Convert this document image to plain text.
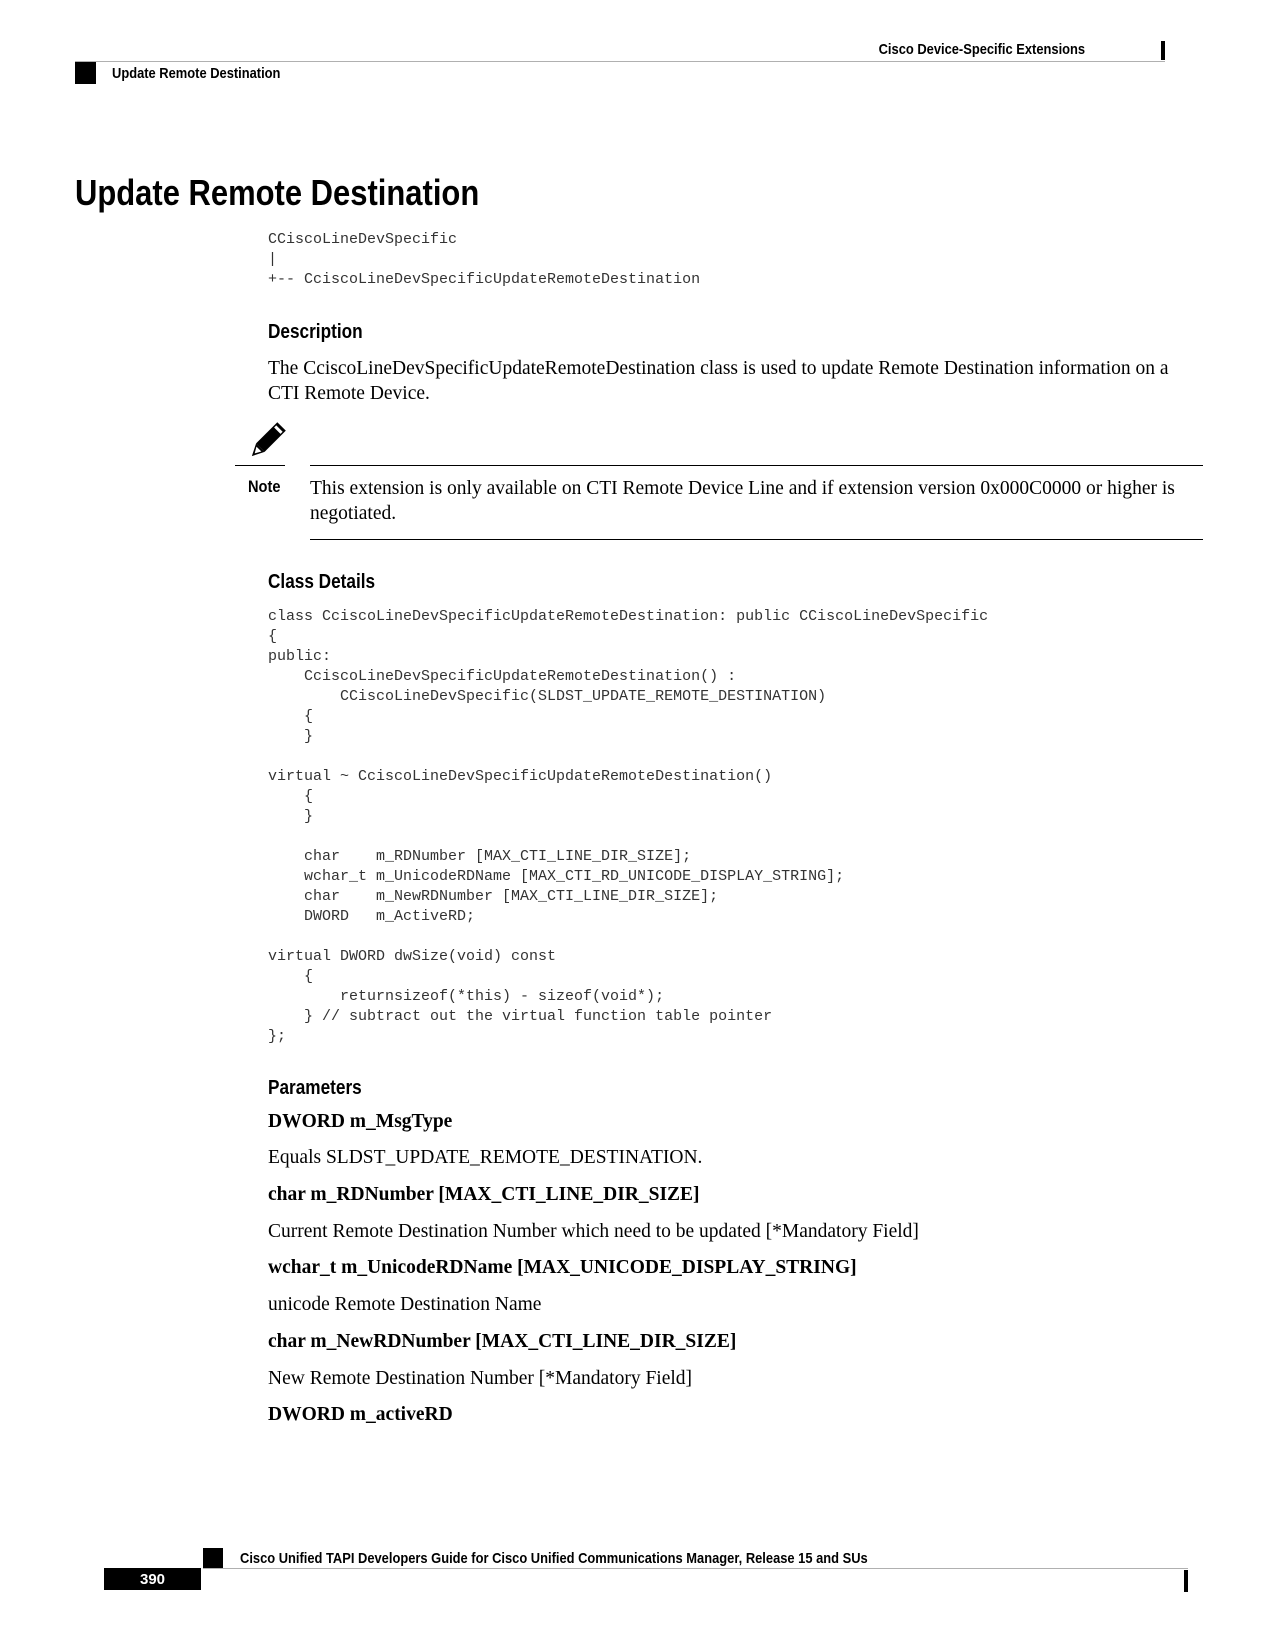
Cisco Device-Specific Extensions
Update Remote Destination
Update Remote Destination
CCiscoLineDevSpecific
|
+-- CciscoLineDevSpecificUpdateRemoteDestination
Description
The CciscoLineDevSpecificUpdateRemoteDestination class is used to update Remote Destination information on a CTI Remote Device.
Note This extension is only available on CTI Remote Device Line and if extension version 0x000C0000 or higher is negotiated.
Class Details
class CciscoLineDevSpecificUpdateRemoteDestination: public CCiscoLineDevSpecific
{
public:
CciscoLineDevSpecificUpdateRemoteDestination() :
CCiscoLineDevSpecific(SLDST_UPDATE_REMOTE_DESTINATION)
{
}

virtual ~ CciscoLineDevSpecificUpdateRemoteDestination()
{
}

char    m_RDNumber [MAX_CTI_LINE_DIR_SIZE];
wchar_t m_UnicodeRDName [MAX_CTI_RD_UNICODE_DISPLAY_STRING];
char    m_NewRDNumber [MAX_CTI_LINE_DIR_SIZE];
DWORD   m_ActiveRD;

virtual DWORD dwSize(void) const
{
returnsizeof(*this) - sizeof(void*);
} // subtract out the virtual function table pointer
};
Parameters
DWORD m_MsgType
Equals SLDST_UPDATE_REMOTE_DESTINATION.
char m_RDNumber [MAX_CTI_LINE_DIR_SIZE]
Current Remote Destination Number which need to be updated [*Mandatory Field]
wchar_t m_UnicodeRDName [MAX_UNICODE_DISPLAY_STRING]
unicode Remote Destination Name
char m_NewRDNumber [MAX_CTI_LINE_DIR_SIZE]
New Remote Destination Number [*Mandatory Field]
DWORD m_activeRD
Cisco Unified TAPI Developers Guide for Cisco Unified Communications Manager, Release 15 and SUs
390
